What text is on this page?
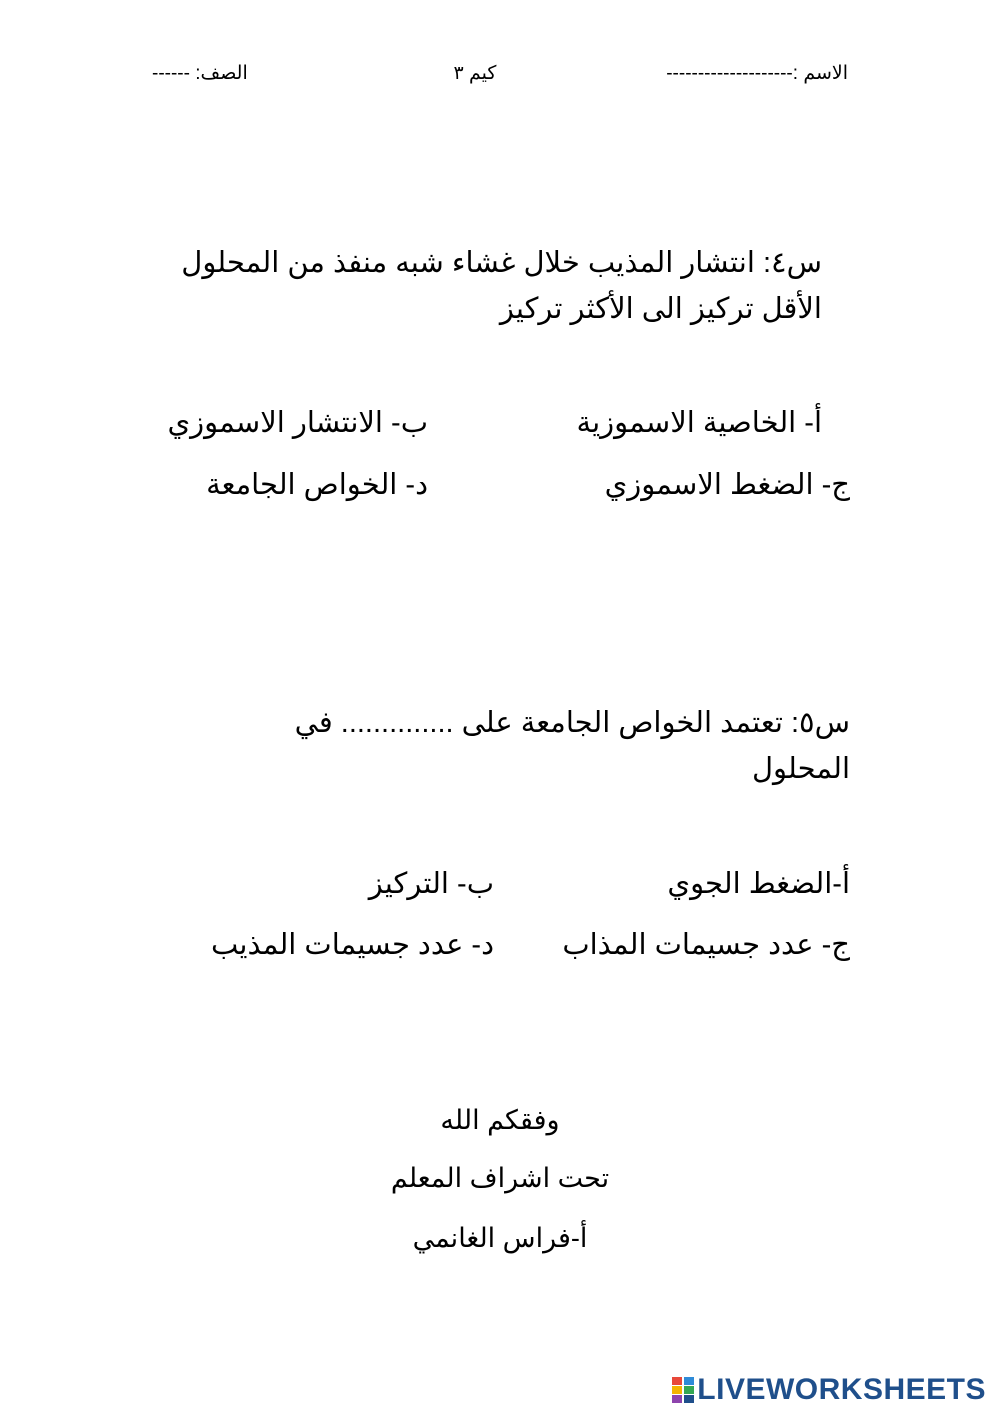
الاسم :--------------------
كيم ٣
الصف: ------
س٤: انتشار المذيب خلال غشاء شبه منفذ من المحلول
الأقل تركيز الى الأكثر تركيز
أ- الخاصية الاسموزية
ب- الانتشار الاسموزي
ج- الضغط الاسموزي
د- الخواص الجامعة
س٥: تعتمد الخواص الجامعة على .............. في
المحلول
أ-الضغط الجوي
ب- التركيز
ج- عدد جسيمات المذاب
د- عدد جسيمات المذيب
وفقكم الله
تحت اشراف المعلم
أ-فراس الغانمي
LIVEWORKSHEETS
